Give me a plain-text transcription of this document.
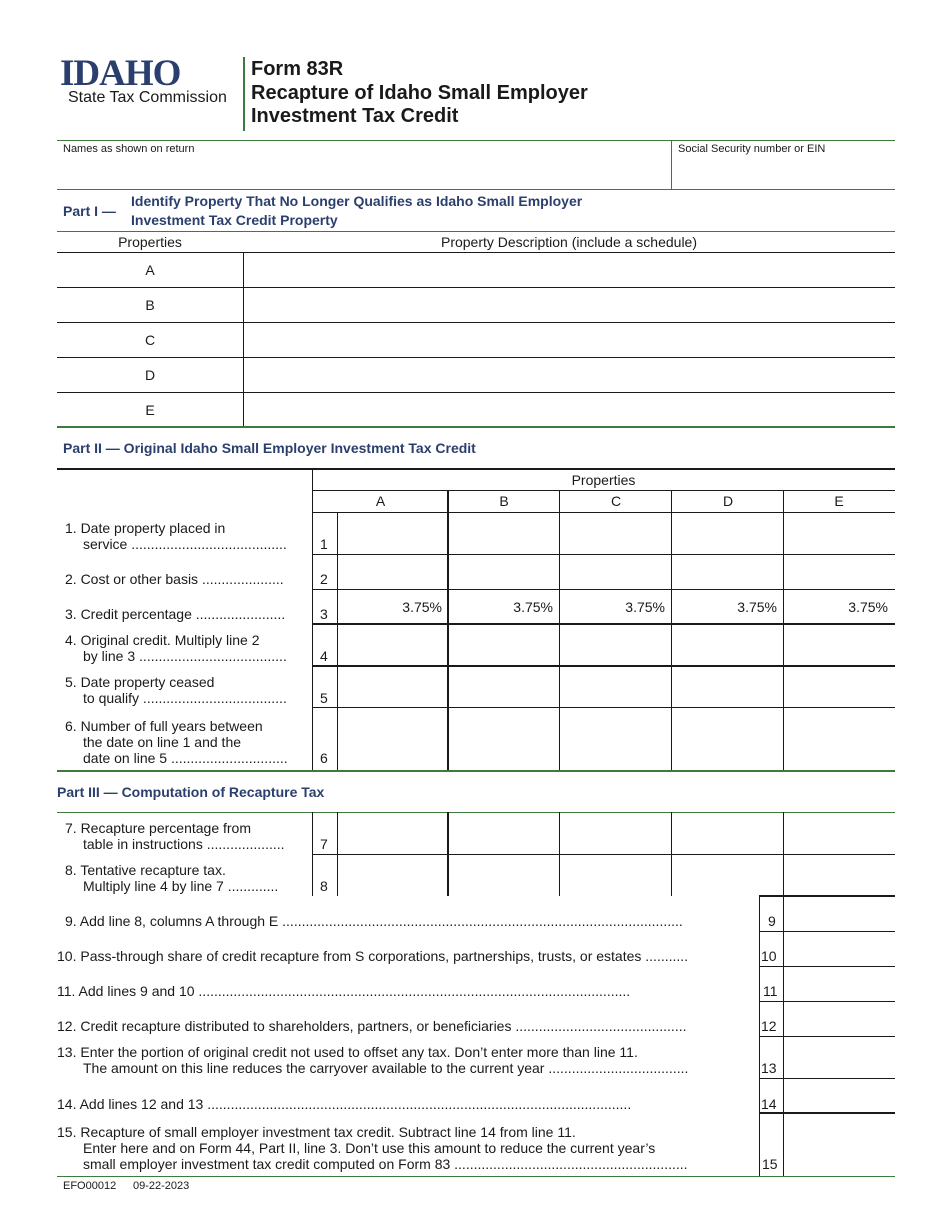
IDAHO
State Tax Commission
Form 83R
Recapture of Idaho Small Employer
Investment Tax Credit
Names as shown on return	Social Security number or EIN
Part I —
Identify Property That No Longer Qualifies as Idaho Small Employer
Investment Tax Credit Property
Properties	Property Description (include a schedule)
A
B
C
D
E
Part II — Original Idaho Small Employer Investment Tax Credit
Properties
A	B	C	D	E
1. Date property placed in
service ........................................ 1
2. Cost or other basis .....................	2
3. Credit percentage ....................... 3	3.75%	3.75%	3.75%	3.75%	3.75%
4. Original credit. Multiply line 2
by line 3 ...................................... 4
5. Date property ceased
to qualify ..................................... 5
6. Number of full years between
the date on line 1 and the
date on line 5 .............................. 6
Part III — Computation of Recapture Tax
7. Recapture percentage from
table in instructions ....................	7
8. Tentative recapture tax.
Multiply line 4 by line 7 .............	8
9. Add line 8, columns A through E .......................................................................................................	9
10. Pass-through share of credit recapture from S corporations, partnerships, trusts, or estates ...........	10
11. Add lines 9 and 10 ...............................................................................................................	11
12. Credit recapture distributed to shareholders, partners, or beneficiaries ............................................	12
13. Enter the portion of original credit not used to offset any tax. Don’t enter more than line 11.
The amount on this line reduces the carryover available to the current year ....................................	13
14. Add lines 12 and 13 .............................................................................................................	14
15. Recapture of small employer investment tax credit. Subtract line 14 from line 11.
Enter here and on Form 44, Part II, line 3. Don’t use this amount to reduce the current year’s
small employer investment tax credit computed on Form 83 ............................................................	15
EFO00012 09-22-2023
